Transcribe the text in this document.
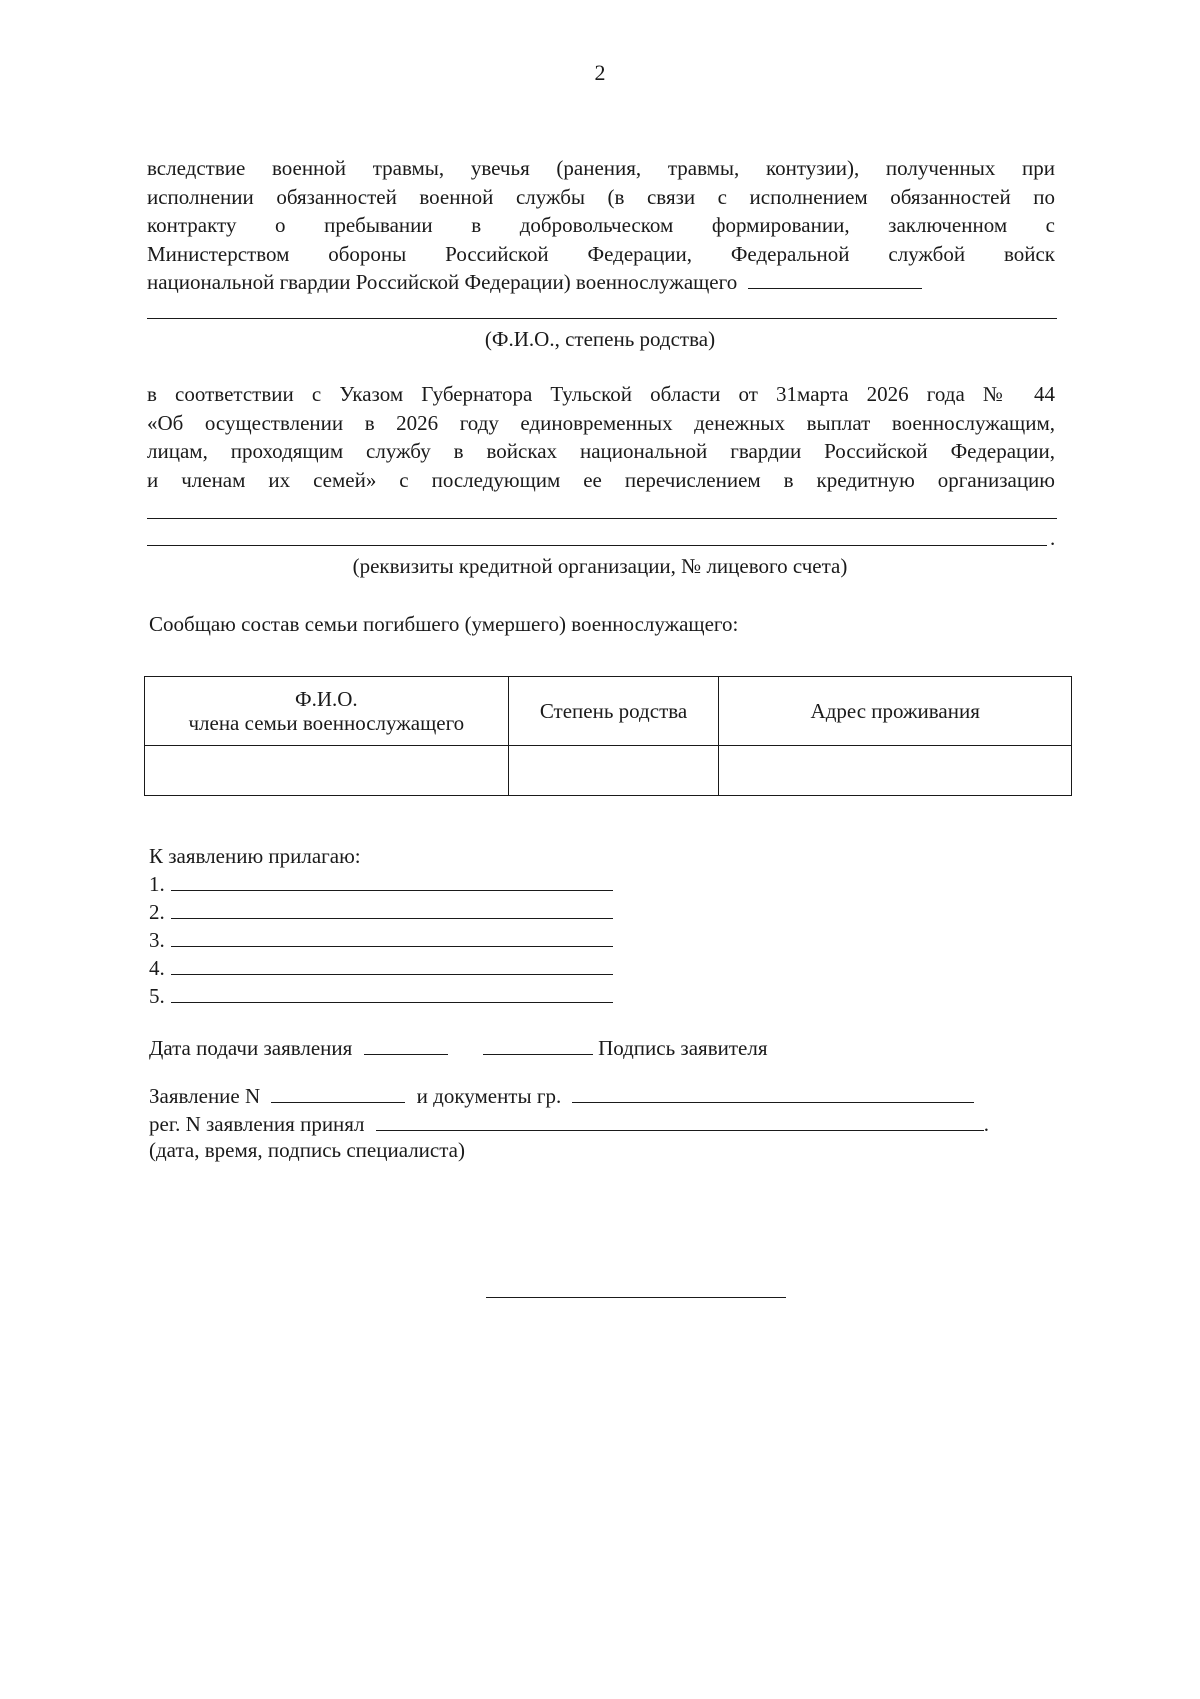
2
вследствие военной травмы, увечья (ранения, травмы, контузии), полученных при
исполнении обязанностей военной службы (в связи с исполнением обязанностей по
контракту о пребывании в добровольческом формировании, заключенном с
Министерством обороны Российской Федерации, Федеральной службой войск
национальной гвардии Российской Федерации) военнослужащего
(Ф.И.О., степень родства)
в соответствии с Указом Губернатора Тульской области от 31марта 2026 года № 44
«Об осуществлении в 2026 году единовременных денежных выплат военнослужащим,
лицам, проходящим службу в войсках национальной гвардии Российской Федерации,
и членам их семей» с последующим ее перечислением в кредитную организацию
.
(реквизиты кредитной организации, № лицевого счета)
Сообщаю состав семьи погибшего (умершего) военнослужащего:
Ф.И.О.
члена семьи военнослужащего	Степень родства	Адрес проживания

К заявлению прилагаю:
1.
2.
3.
4.
5.
Дата подачи заявления	Подпись заявителя
Заявление N	и документы гр.
рег. N заявления принял	.
(дата, время, подпись специалиста)
